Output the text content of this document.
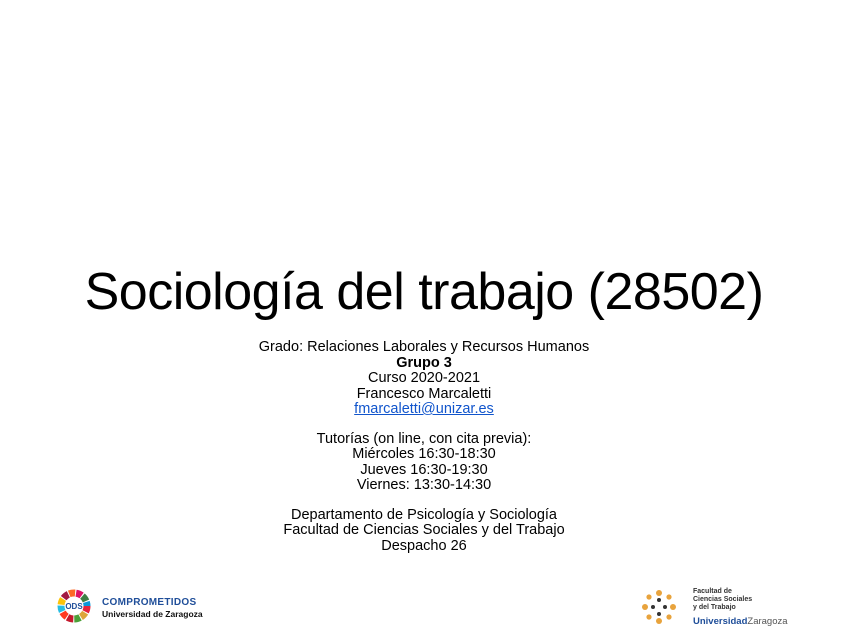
Sociología del trabajo (28502)
Grado: Relaciones Laborales y Recursos Humanos
Grupo 3
Curso 2020-2021
Francesco Marcaletti
fmarcaletti@unizar.es
Tutorías (on line, con cita previa):
Miércoles 16:30-18:30
Jueves 16:30-19:30
Viernes: 13:30-14:30
Departamento de Psicología y Sociología
Facultad de Ciencias Sociales y del Trabajo
Despacho 26
ODS COMPROMETIDOS
Universidad de Zaragoza
Facultad de
Ciencias Sociales
y del Trabajo
UniversidadZaragoza
